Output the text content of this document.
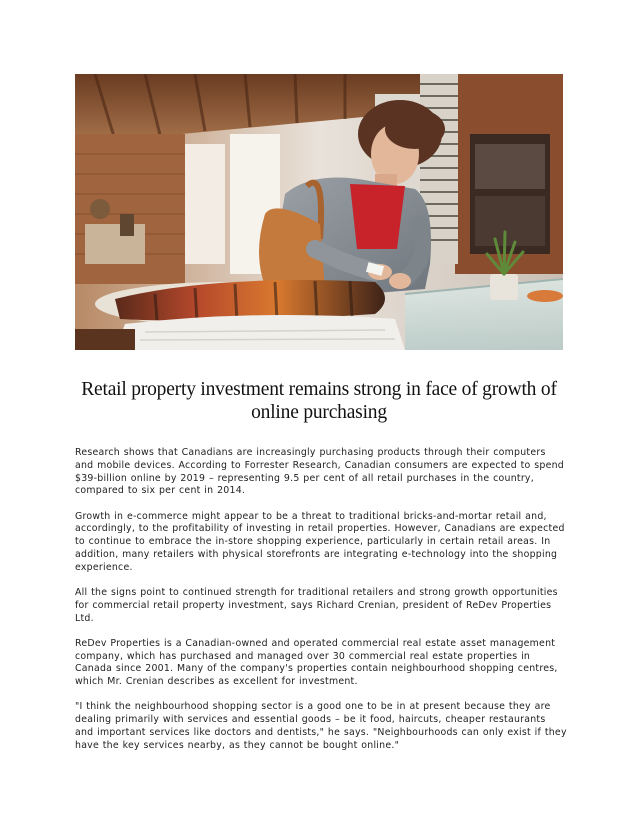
Retail property investment remains strong in face of growth of online purchasing

Research shows that Canadians are increasingly purchasing products through their computers and mobile devices. According to Forrester Research, Canadian consumers are expected to spend $39-billion online by 2019 – representing 9.5 per cent of all retail purchases in the country, compared to six per cent in 2014.

Growth in e-commerce might appear to be a threat to traditional bricks-and-mortar retail and, accordingly, to the profitability of investing in retail properties. However, Canadians are expected to continue to embrace the in-store shopping experience, particularly in certain retail areas. In addition, many retailers with physical storefronts are integrating e-technology into the shopping experience.

All the signs point to continued strength for traditional retailers and strong growth opportunities for commercial retail property investment, says Richard Crenian, president of ReDev Properties Ltd.

ReDev Properties is a Canadian-owned and operated commercial real estate asset management company, which has purchased and managed over 30 commercial real estate properties in Canada since 2001. Many of the company's properties contain neighbourhood shopping centres, which Mr. Crenian describes as excellent for investment.

"I think the neighbourhood shopping sector is a good one to be in at present because they are dealing primarily with services and essential goods – be it food, haircuts, cheaper restaurants and important services like doctors and dentists," he says. "Neighbourhoods can only exist if they have the key services nearby, as they cannot be bought online."
